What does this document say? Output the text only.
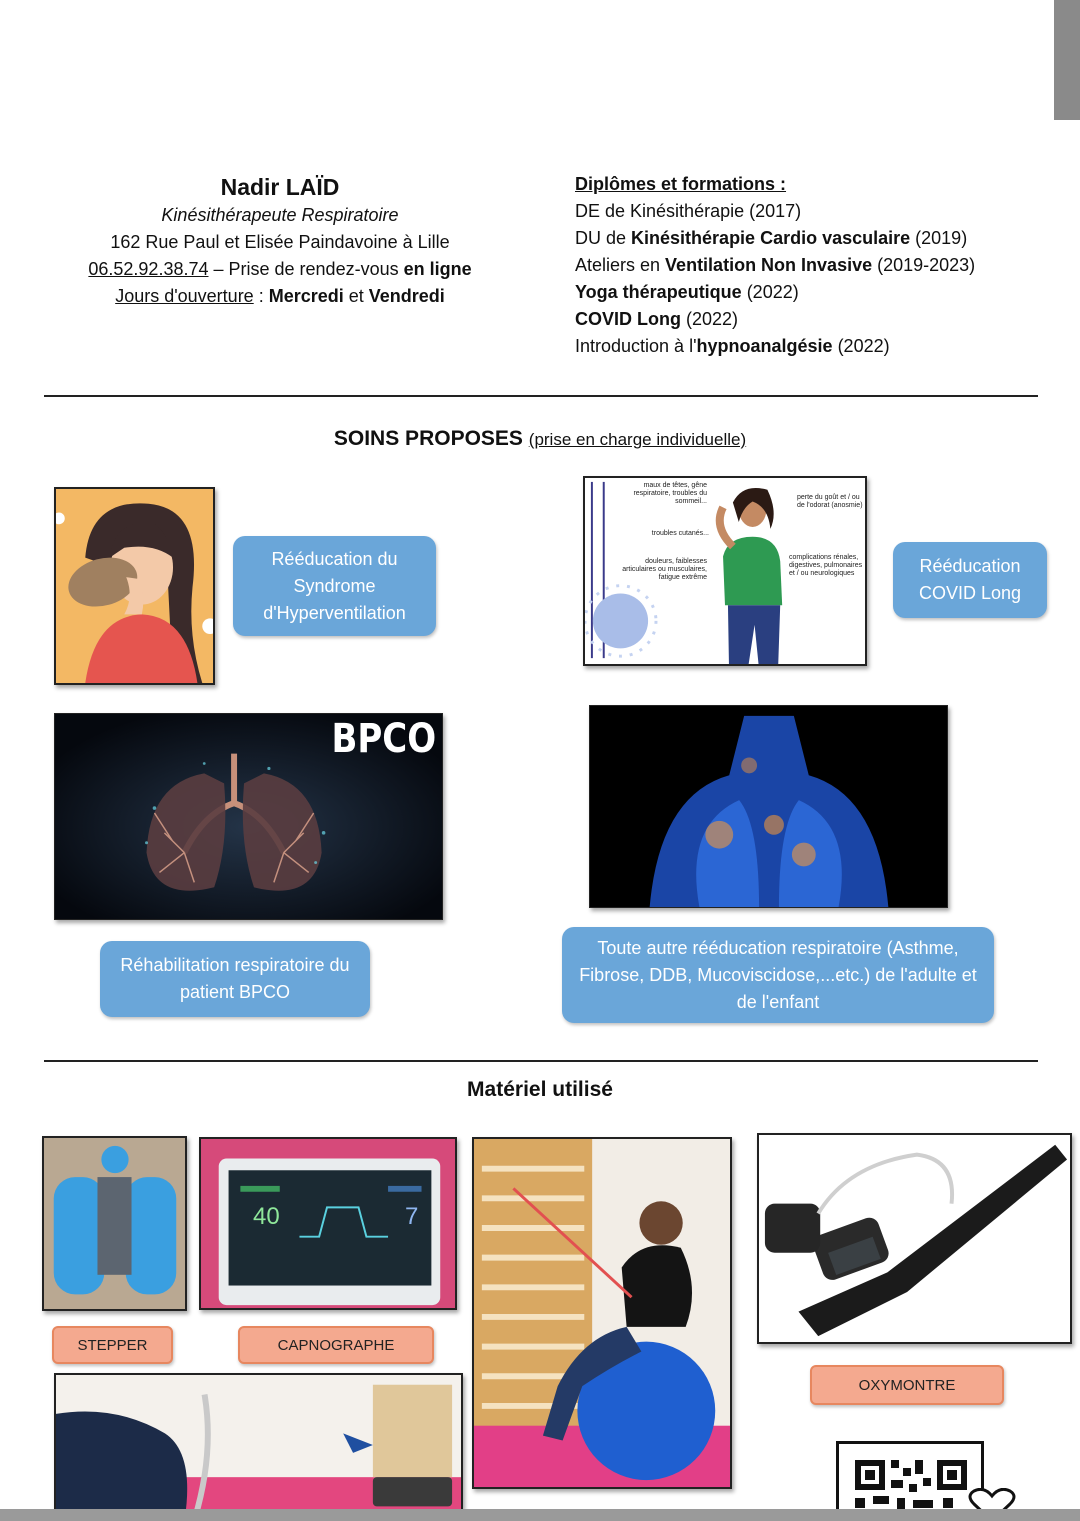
Nadir LAÏD
Kinésithérapeute Respiratoire
162 Rue Paul et Elisée Paindavoine à Lille
06.52.92.38.74 – Prise de rendez-vous en ligne
Jours d'ouverture : Mercredi et Vendredi
Diplômes et formations :
DE de Kinésithérapie (2017)
DU de Kinésithérapie Cardio vasculaire (2019)
Ateliers en Ventilation Non Invasive (2019-2023)
Yoga thérapeutique (2022)
COVID Long (2022)
Introduction à l'hypnoanalgésie (2022)
SOINS PROPOSES (prise en charge individuelle)
Rééducation du Syndrome d'Hyperventilation
maux de têtes, gêne respiratoire, troubles du sommeil...
troubles cutanés...
douleurs, faiblesses articulaires ou musculaires, fatigue extrême
perte du goût et / ou de l'odorat (anosmie)
complications rénales, digestives, pulmonaires et / ou neurologiques	Rééducation COVID Long
BPCO
Réhabilitation respiratoire du patient BPCO
Toute autre rééducation respiratoire (Asthme, Fibrose, DDB, Mucoviscidose,...etc.) de l'adulte et de l'enfant
Matériel utilisé
40	7
STEPPER	CAPNOGRAPHE
OXYMONTRE
